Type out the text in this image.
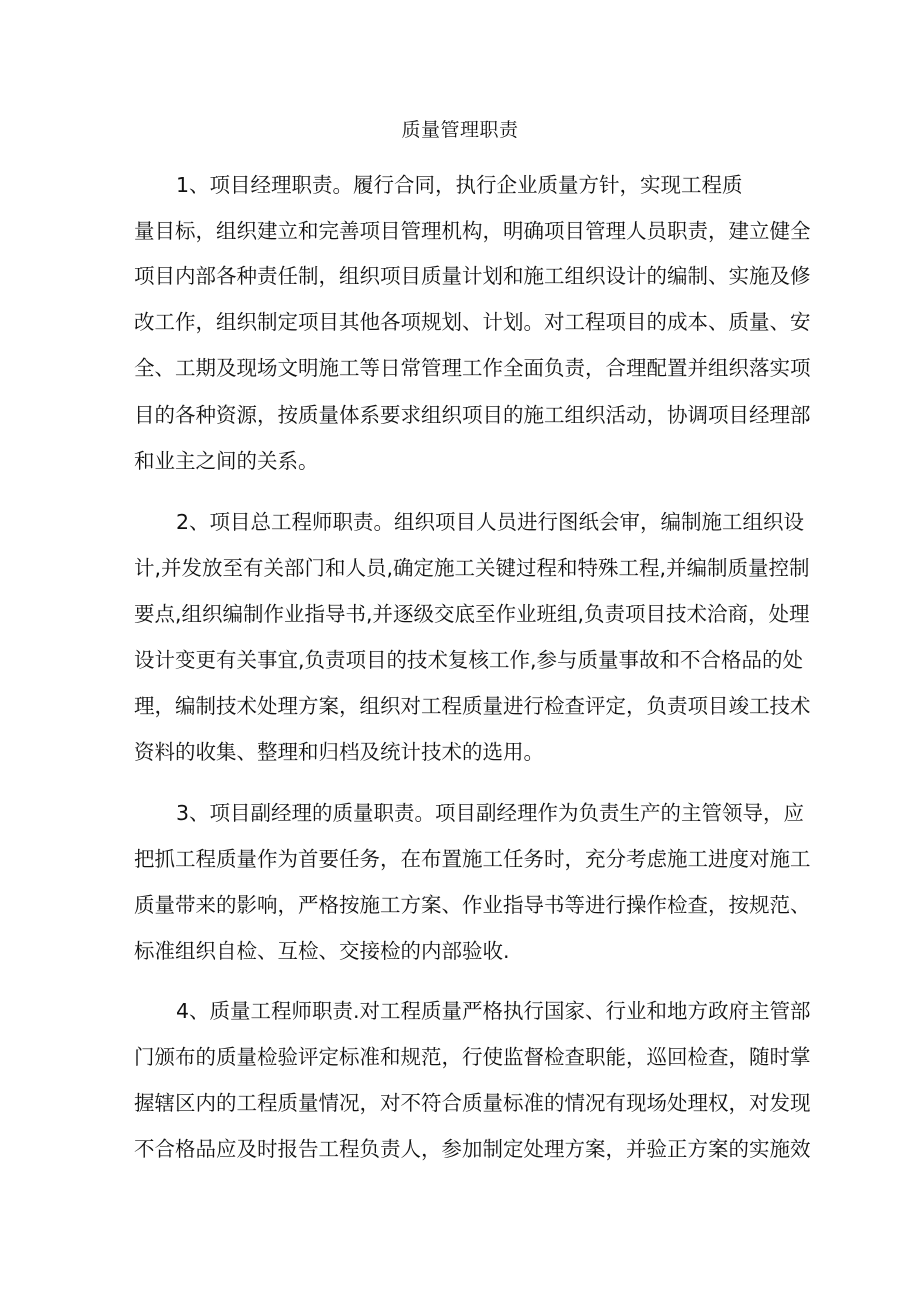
质量管理职责
1、项目经理职责。履行合同，执行企业质量方针，实现工程质
量目标，组织建立和完善项目管理机构，明确项目管理人员职责，建立健全
项目内部各种责任制，组织项目质量计划和施工组织设计的编制、实施及修
改工作，组织制定项目其他各项规划、计划。对工程项目的成本、质量、安
全、工期及现场文明施工等日常管理工作全面负责，合理配置并组织落实项
目的各种资源，按质量体系要求组织项目的施工组织活动，协调项目经理部
和业主之间的关系。
2、项目总工程师职责。组织项目人员进行图纸会审，编制施工组织设
计,并发放至有关部门和人员,确定施工关键过程和特殊工程,并编制质量控制
要点,组织编制作业指导书,并逐级交底至作业班组,负责项目技术洽商，处理
设计变更有关事宜,负责项目的技术复核工作,参与质量事故和不合格品的处
理，编制技术处理方案，组织对工程质量进行检查评定，负责项目竣工技术
资料的收集、整理和归档及统计技术的选用。
3、项目副经理的质量职责。项目副经理作为负责生产的主管领导，应
把抓工程质量作为首要任务，在布置施工任务时，充分考虑施工进度对施工
质量带来的影响，严格按施工方案、作业指导书等进行操作检查，按规范、
标准组织自检、互检、交接检的内部验收.
4、质量工程师职责.对工程质量严格执行国家、行业和地方政府主管部
门颁布的质量检验评定标准和规范，行使监督检查职能，巡回检查，随时掌
握辖区内的工程质量情况，对不符合质量标准的情况有现场处理权，对发现
不合格品应及时报告工程负责人，参加制定处理方案，并验正方案的实施效
